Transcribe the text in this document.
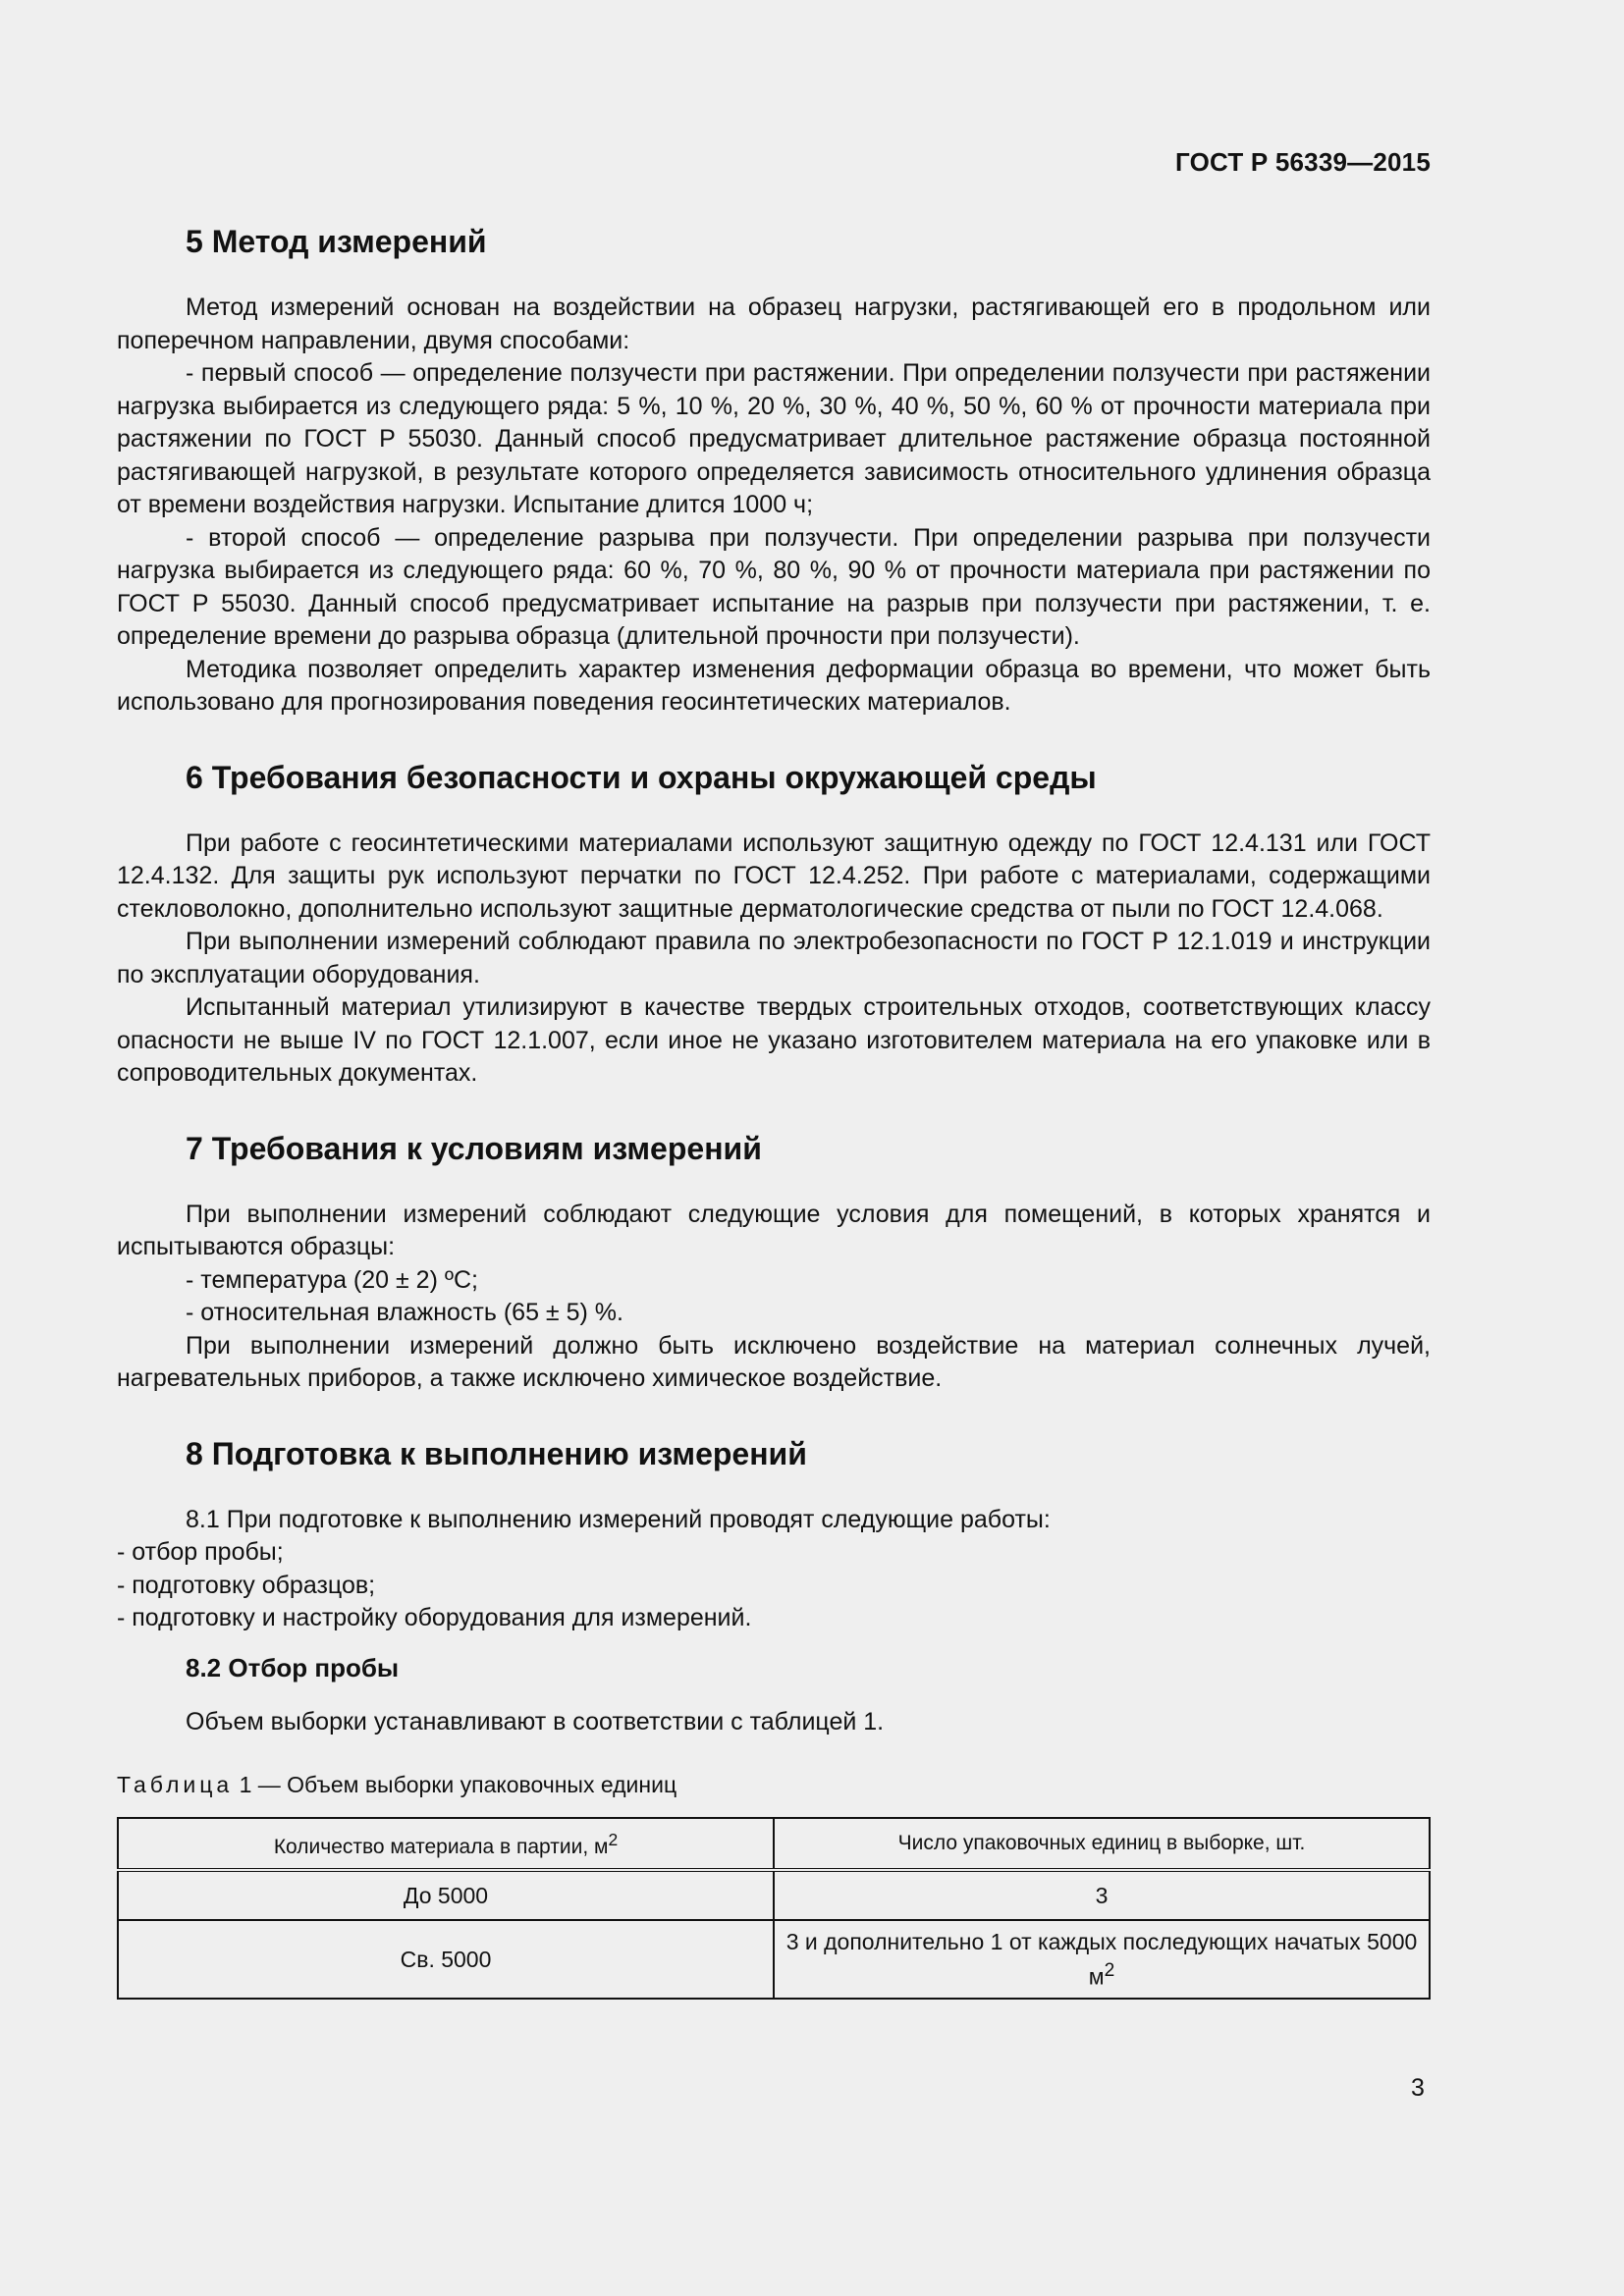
ГОСТ Р 56339—2015
5 Метод измерений

Метод измерений основан на воздействии на образец нагрузки, растягивающей его в продольном или поперечном направлении, двумя способами:

- первый способ — определение ползучести при растяжении. При определении ползучести при растяжении нагрузка выбирается из следующего ряда: 5 %, 10 %, 20 %, 30 %, 40 %, 50 %, 60 % от прочности материала при растяжении по ГОСТ Р 55030. Данный способ предусматривает длительное растяжение образца постоянной растягивающей нагрузкой, в результате которого определяется зависимость относительного удлинения образца от времени воздействия нагрузки. Испытание длится 1000 ч;

- второй способ — определение разрыва при ползучести. При определении разрыва при ползучести нагрузка выбирается из следующего ряда: 60 %, 70 %, 80 %, 90 % от прочности материала при растяжении по ГОСТ Р 55030. Данный способ предусматривает испытание на разрыв при ползучести при растяжении, т. е. определение времени до разрыва образца (длительной прочности при ползучести).

Методика позволяет определить характер изменения деформации образца во времени, что может быть использовано для прогнозирования поведения геосинтетических материалов.

6 Требования безопасности и охраны окружающей среды

При работе с геосинтетическими материалами используют защитную одежду по ГОСТ 12.4.131 или ГОСТ 12.4.132. Для защиты рук используют перчатки по ГОСТ 12.4.252. При работе с материалами, содержащими стекловолокно, дополнительно используют защитные дерматологические средства от пыли по ГОСТ 12.4.068.

При выполнении измерений соблюдают правила по электробезопасности по ГОСТ Р 12.1.019 и инструкции по эксплуатации оборудования.

Испытанный материал утилизируют в качестве твердых строительных отходов, соответствующих классу опасности не выше IV по ГОСТ 12.1.007, если иное не указано изготовителем материала на его упаковке или в сопроводительных документах.

7 Требования к условиям измерений

При выполнении измерений соблюдают следующие условия для помещений, в которых хранятся и испытываются образцы:

- температура (20 ± 2) ºС;

- относительная влажность (65 ± 5) %.

При выполнении измерений должно быть исключено воздействие на материал солнечных лучей, нагревательных приборов, а также исключено химическое воздействие.

8 Подготовка к выполнению измерений

8.1 При подготовке к выполнению измерений проводят следующие работы:

- отбор пробы;

- подготовку образцов;

- подготовку и настройку оборудования для измерений.

8.2 Отбор пробы

Объем выборки устанавливают в соответствии с таблицей 1.

Таблица 1 — Объем выборки упаковочных единиц
Количество материала в партии, $м^2$	Число упаковочных единиц в выборке, шт.
До 5000	3
Св. 5000	3 и дополнительно 1 от каждых последующих начатых 5000 $м^2$
3
